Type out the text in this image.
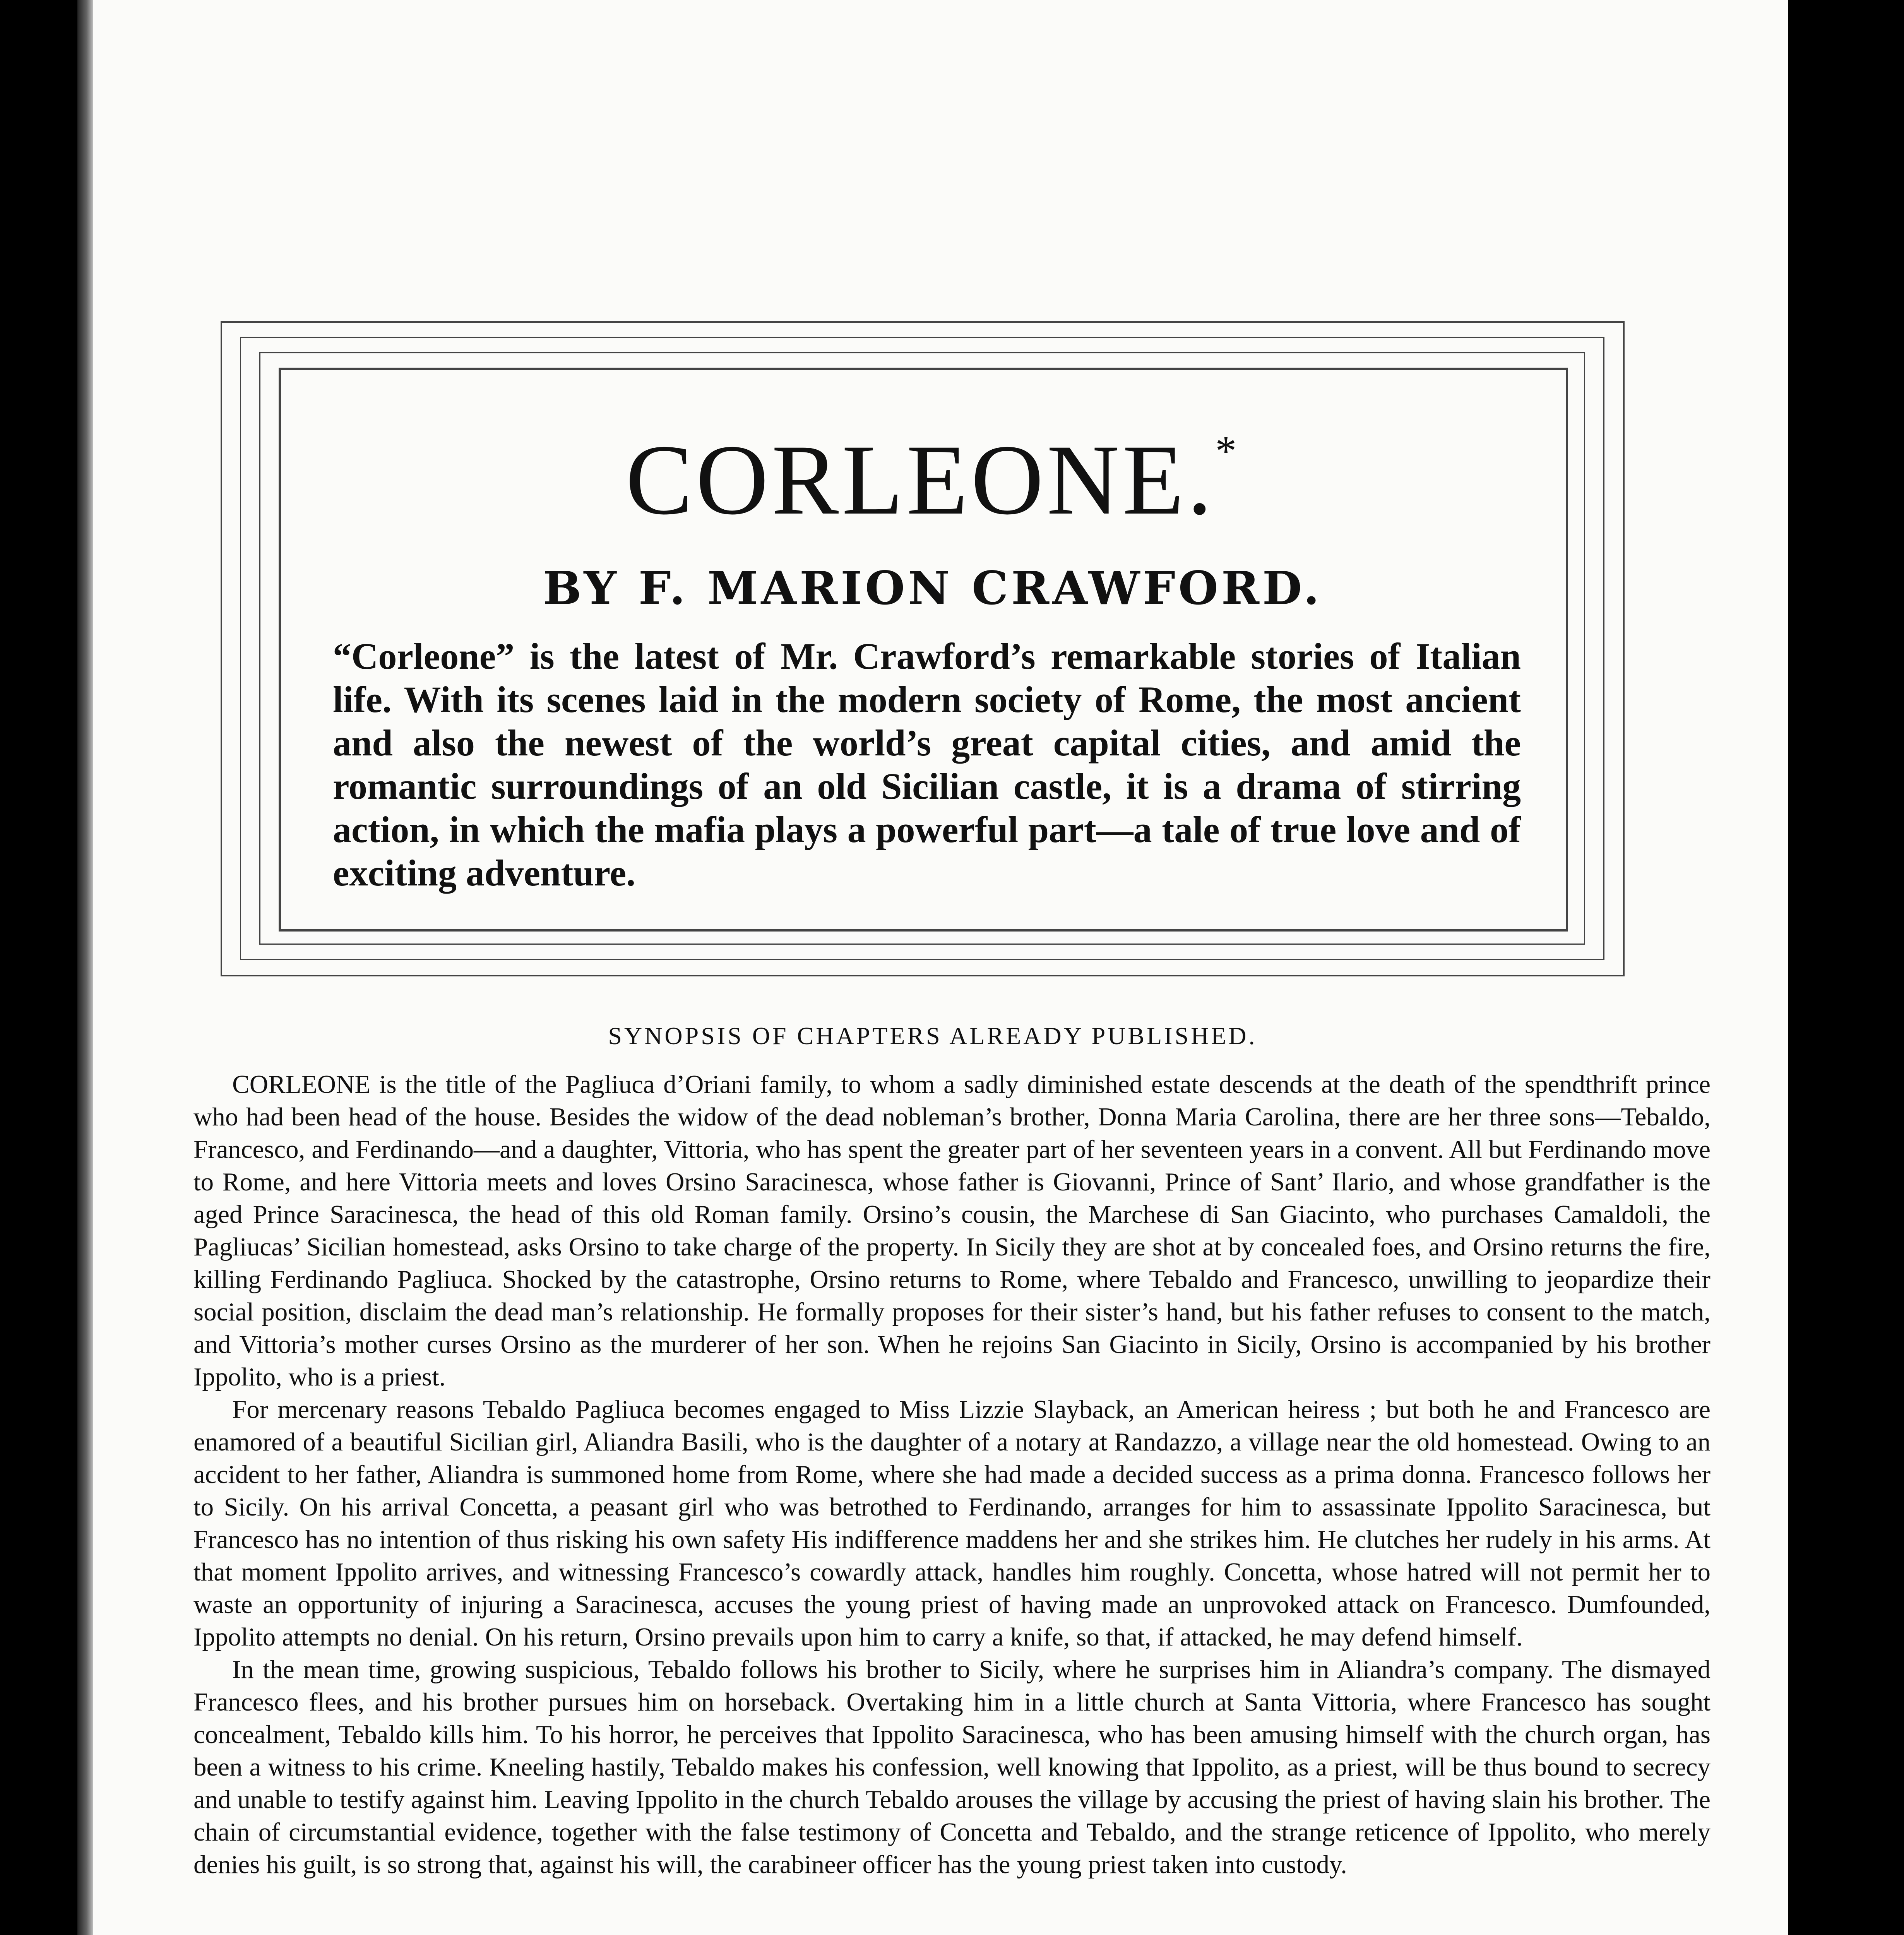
CORLEONE.*
BY F. MARION CRAWFORD.
“Corleone” is the latest of Mr. Crawford’s remarkable stories of Italian life. With its scenes laid in the modern society of Rome, the most ancient and also the newest of the world’s great capital cities, and amid the romantic surroundings of an old Sicilian castle, it is a drama of stirring action, in which the mafia plays a powerful part—a tale of true love and of exciting adventure.
SYNOPSIS OF CHAPTERS ALREADY PUBLISHED.

CORLEONE is the title of the Pagliuca d’Oriani family, to whom a sadly diminished estate descends at the death of the spendthrift prince who had been head of the house. Besides the widow of the dead nobleman’s brother, Donna Maria Carolina, there are her three sons—Tebaldo, Francesco, and Ferdinando—and a daughter, Vittoria, who has spent the greater part of her seventeen years in a convent. All but Ferdinando move to Rome, and here Vittoria meets and loves Orsino Saracinesca, whose father is Giovanni, Prince of Sant’ Ilario, and whose grandfather is the aged Prince Saracinesca, the head of this old Roman family. Orsino’s cousin, the Marchese di San Giacinto, who purchases Camaldoli, the Pagliucas’ Sicilian homestead, asks Orsino to take charge of the property. In Sicily they are shot at by concealed foes, and Orsino returns the fire, killing Ferdinando Pagliuca. Shocked by the catastrophe, Orsino returns to Rome, where Tebaldo and Francesco, unwilling to jeopardize their social position, disclaim the dead man’s relationship. He formally proposes for their sister’s hand, but his father refuses to consent to the match, and Vittoria’s mother curses Orsino as the murderer of her son. When he rejoins San Giacinto in Sicily, Orsino is accompanied by his brother Ippolito, who is a priest.

For mercenary reasons Tebaldo Pagliuca becomes engaged to Miss Lizzie Slayback, an American heiress ; but both he and Francesco are enamored of a beautiful Sicilian girl, Aliandra Basili, who is the daughter of a notary at Randazzo, a village near the old homestead. Owing to an accident to her father, Aliandra is summoned home from Rome, where she had made a decided success as a prima donna. Francesco follows her to Sicily. On his arrival Concetta, a peasant girl who was betrothed to Ferdinando, arranges for him to assassinate Ippolito Saracinesca, but Francesco has no intention of thus risking his own safety His indifference maddens her and she strikes him. He clutches her rudely in his arms. At that moment Ippolito arrives, and witnessing Francesco’s cowardly attack, handles him roughly. Concetta, whose hatred will not permit her to waste an opportunity of injuring a Saracinesca, accuses the young priest of having made an unprovoked attack on Francesco. Dumfounded, Ippolito attempts no denial. On his return, Orsino prevails upon him to carry a knife, so that, if attacked, he may defend himself.

In the mean time, growing suspicious, Tebaldo follows his brother to Sicily, where he surprises him in Aliandra’s company. The dismayed Francesco flees, and his brother pursues him on horseback. Overtaking him in a little church at Santa Vittoria, where Francesco has sought concealment, Tebaldo kills him. To his horror, he perceives that Ippolito Saracinesca, who has been amusing himself with the church organ, has been a witness to his crime. Kneeling hastily, Tebaldo makes his confession, well knowing that Ippolito, as a priest, will be thus bound to secrecy and unable to testify against him. Leaving Ippolito in the church Tebaldo arouses the village by accusing the priest of having slain his brother. The chain of circumstantial evidence, together with the false testimony of Concetta and Tebaldo, and the strange reticence of Ippolito, who merely denies his guilt, is so strong that, against his will, the carabineer officer has the young priest taken into custody.
